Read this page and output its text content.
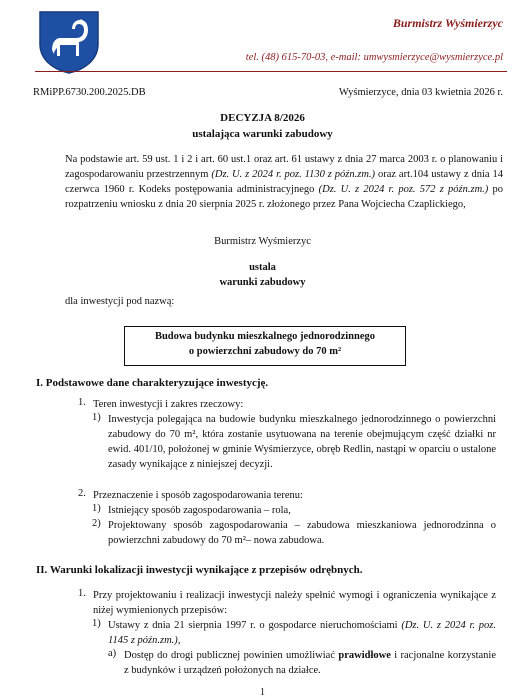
Burmistrz Wyśmierzyc
tel. (48) 615-70-03, e-mail: umwysmierzyce@wysmierzyce.pl
RMiPP.6730.200.2025.DB	Wyśmierzyce, dnia 03 kwietnia 2026 r.
DECYZJA 8/2026
ustalająca warunki zabudowy
Na podstawie art. 59 ust. 1 i 2 i art. 60 ust.1 oraz art. 61 ustawy z dnia 27 marca 2003 r. o planowaniu i zagospodarowaniu przestrzennym (Dz. U. z 2024 r. poz. 1130 z późn.zm.) oraz art.104 ustawy z dnia 14 czerwca 1960 r. Kodeks postępowania administracyjnego (Dz. U. z 2024 r. poz. 572 z późn.zm.) po rozpatrzeniu wniosku z dnia 20 sierpnia 2025 r. złożonego przez Pana Wojciecha Czaplickiego,
Burmistrz Wyśmierzyc
ustala
warunki zabudowy
dla inwestycji pod nazwą:
Budowa budynku mieszkalnego jednorodzinnego
o powierzchni zabudowy do 70 m²
I. Podstawowe dane charakteryzujące inwestycję.
1. Teren inwestycji i zakres rzeczowy:
1) Inwestycja polegająca na budowie budynku mieszkalnego jednorodzinnego o powierzchni zabudowy do 70 m², która zostanie usytuowana na terenie obejmującym część działki nr ewid. 401/10, położonej w gminie Wyśmierzyce, obręb Redlin, nastąpi w oparciu o ustalone zasady wynikające z niniejszej decyzji.
2. Przeznaczenie i sposób zagospodarowania terenu:
1) Istniejący sposób zagospodarowania – rola,
2) Projektowany sposób zagospodarowania – zabudowa mieszkaniowa jednorodzinna o powierzchni zabudowy do 70 m²– nowa zabudowa.
II. Warunki lokalizacji inwestycji wynikające z przepisów odrębnych.
1. Przy projektowaniu i realizacji inwestycji należy spełnić wymogi i ograniczenia wynikające z niżej wymienionych przepisów:
1) Ustawy z dnia 21 sierpnia 1997 r. o gospodarce nieruchomościami (Dz. U. z 2024 r. poz. 1145 z późn.zm.),
a) Dostęp do drogi publicznej powinien umożliwiać prawidłowe i racjonalne korzystanie z budynków i urządzeń położonych na działce.
1
